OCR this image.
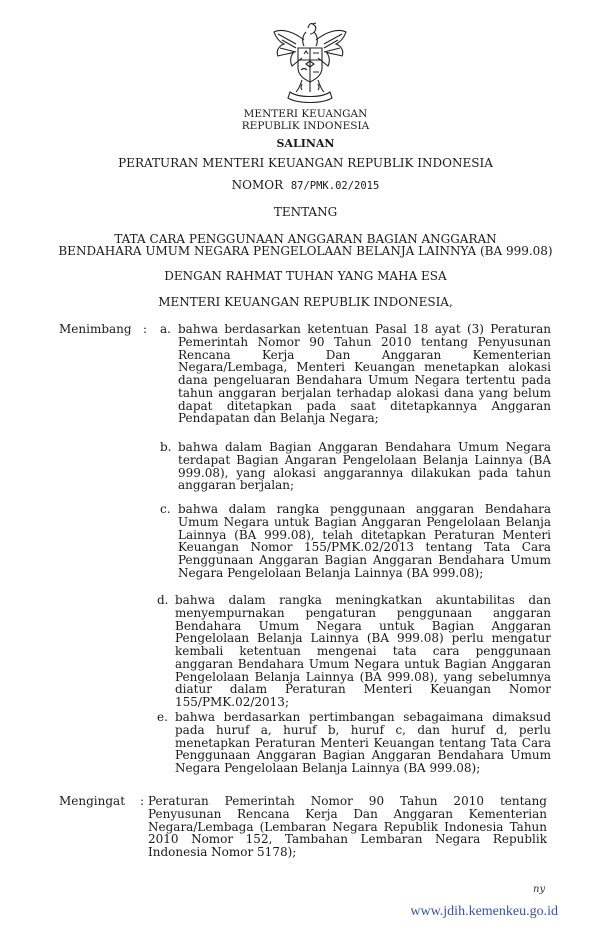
MENTERI KEUANGAN
REPUBLIK INDONESIA
SALINAN
PERATURAN MENTERI KEUANGAN REPUBLIK INDONESIA
NOMOR 87/PMK.02/2015
TENTANG
TATA CARA PENGGUNAAN ANGGARAN BAGIAN ANGGARAN
BENDAHARA UMUM NEGARA PENGELOLAAN BELANJA LAINNYA (BA 999.08)
DENGAN RAHMAT TUHAN YANG MAHA ESA
MENTERI KEUANGAN REPUBLIK INDONESIA,
Menimbang : a. bahwa berdasarkan ketentuan Pasal 18 ayat (3) Peraturan Pemerintah Nomor 90 Tahun 2010 tentang Penyusunan Rencana Kerja Dan Anggaran Kementerian Negara/Lembaga, Menteri Keuangan menetapkan alokasi dana pengeluaran Bendahara Umum Negara tertentu pada tahun anggaran berjalan terhadap alokasi dana yang belum dapat ditetapkan pada saat ditetapkannya Anggaran Pendapatan dan Belanja Negara;
b. bahwa dalam Bagian Anggaran Bendahara Umum Negara terdapat Bagian Angaran Pengelolaan Belanja Lainnya (BA 999.08), yang alokasi anggarannya dilakukan pada tahun anggaran berjalan;
c. bahwa dalam rangka penggunaan anggaran Bendahara Umum Negara untuk Bagian Anggaran Pengelolaan Belanja Lainnya (BA 999.08), telah ditetapkan Peraturan Menteri Keuangan Nomor 155/PMK.02/2013 tentang Tata Cara Penggunaan Anggaran Bagian Anggaran Bendahara Umum Negara Pengelolaan Belanja Lainnya (BA 999.08);
d. bahwa dalam rangka meningkatkan akuntabilitas dan menyempurnakan pengaturan penggunaan anggaran Bendahara Umum Negara untuk Bagian Anggaran Pengelolaan Belanja Lainnya (BA 999.08) perlu mengatur kembali ketentuan mengenai tata cara penggunaan anggaran Bendahara Umum Negara untuk Bagian Anggaran Pengelolaan Belanja Lainnya (BA 999.08), yang sebelumnya diatur dalam Peraturan Menteri Keuangan Nomor 155/PMK.02/2013;
e. bahwa berdasarkan pertimbangan sebagaimana dimaksud pada huruf a, huruf b, huruf c, dan huruf d, perlu menetapkan Peraturan Menteri Keuangan tentang Tata Cara Penggunaan Anggaran Bagian Anggaran Bendahara Umum Negara Pengelolaan Belanja Lainnya (BA 999.08);
Mengingat : Peraturan Pemerintah Nomor 90 Tahun 2010 tentang Penyusunan Rencana Kerja Dan Anggaran Kementerian Negara/Lembaga (Lembaran Negara Republik Indonesia Tahun 2010 Nomor 152, Tambahan Lembaran Negara Republik Indonesia Nomor 5178);
ny
www.jdih.kemenkeu.go.id
